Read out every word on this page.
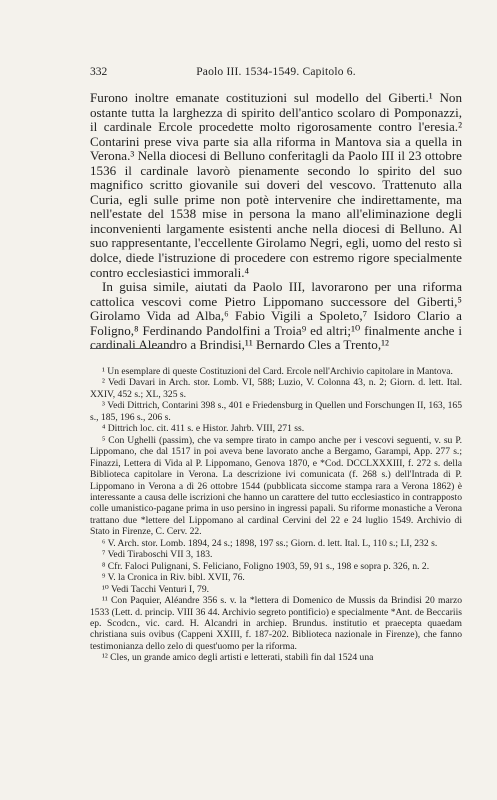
332	Paolo III. 1534-1549. Capitolo 6.

Furono inoltre emanate costituzioni sul modello del Giberti.¹ Non ostante tutta la larghezza di spirito dell'antico scolaro di Pomponazzi, il cardinale Ercole procedette molto rigorosamente contro l'eresia.² Contarini prese viva parte sia alla riforma in Mantova sia a quella in Verona.³ Nella diocesi di Belluno conferitagli da Paolo III il 23 ottobre 1536 il cardinale lavorò pienamente secondo lo spirito del suo magnifico scritto giovanile sui doveri del vescovo. Trattenuto alla Curia, egli sulle prime non potè intervenire che indirettamente, ma nell'estate del 1538 mise in persona la mano all'eliminazione degli inconvenienti largamente esistenti anche nella diocesi di Belluno. Al suo rappresentante, l'eccellente Girolamo Negri, egli, uomo del resto sì dolce, diede l'istruzione di procedere con estremo rigore specialmente contro ecclesiastici immorali.⁴

In guisa simile, aiutati da Paolo III, lavorarono per una riforma cattolica vescovi come Pietro Lippomano successore del Giberti,⁵ Girolamo Vida ad Alba,⁶ Fabio Vigili a Spoleto,⁷ Isidoro Clario a Foligno,⁸ Ferdinando Pandolfini a Troia⁹ ed altri;¹⁰ finalmente anche i cardinali Aleandro a Brindisi,¹¹ Bernardo Cles a Trento,¹²

¹ Un esemplare di queste Costituzioni del Card. Ercole nell'Archivio capitolare in Mantova.

² Vedi Davari in Arch. stor. Lomb. VI, 588; Luzio, V. Colonna 43, n. 2; Giorn. d. lett. Ital. XXIV, 452 s.; XL, 325 s.

³ Vedi Dittrich, Contarini 398 s., 401 e Friedensburg in Quellen und Forschungen II, 163, 165 s., 185, 196 s., 206 s.

⁴ Dittrich loc. cit. 411 s. e Histor. Jahrb. VIII, 271 ss.

⁵ Con Ughelli (passim), che va sempre tirato in campo anche per i vescovi seguenti, v. su P. Lippomano, che dal 1517 in poi aveva bene lavorato anche a Bergamo, Garampi, App. 277 s.; Finazzi, Lettera di Vida al P. Lippomano, Genova 1870, e *Cod. DCCLXXXIII, f. 272 s. della Biblioteca capitolare in Verona. La descrizione ivi comunicata (f. 268 s.) dell'Intrada di P. Lippomano in Verona a dì 26 ottobre 1544 (pubblicata siccome stampa rara a Verona 1862) è interessante a causa delle iscrizioni che hanno un carattere del tutto ecclesiastico in contrapposto colle umanistico-pagane prima in uso persino in ingressi papali. Su riforme monastiche a Verona trattano due *lettere del Lippomano al cardinal Cervini del 22 e 24 luglio 1549. Archivio di Stato in Firenze, C. Cerv. 22.

⁶ V. Arch. stor. Lomb. 1894, 24 s.; 1898, 197 ss.; Giorn. d. lett. Ital. L, 110 s.; LI, 232 s.

⁷ Vedi Tiraboschi VII 3, 183.

⁸ Cfr. Faloci Pulignani, S. Feliciano, Foligno 1903, 59, 91 s., 198 e sopra p. 326, n. 2.

⁹ V. la Cronica in Riv. bibl. XVII, 76.

¹⁰ Vedi Tacchi Venturi I, 79.

¹¹ Con Paquier, Aléandre 356 s. v. la *lettera di Domenico de Mussis da Brindisi 20 marzo 1533 (Lett. d. princip. VIII 36 44. Archivio segreto pontificio) e specialmente *Ant. de Beccariis ep. Scodcn., vic. card. H. Alcandri in archiep. Brundus. institutio et praecepta quaedam christiana suis ovibus (Cappeni XXIII, f. 187-202. Biblioteca nazionale in Firenze), che fanno testimonianza dello zelo di quest'uomo per la riforma.

¹² Cles, un grande amico degli artisti e letterati, stabilì fin dal 1524 una
